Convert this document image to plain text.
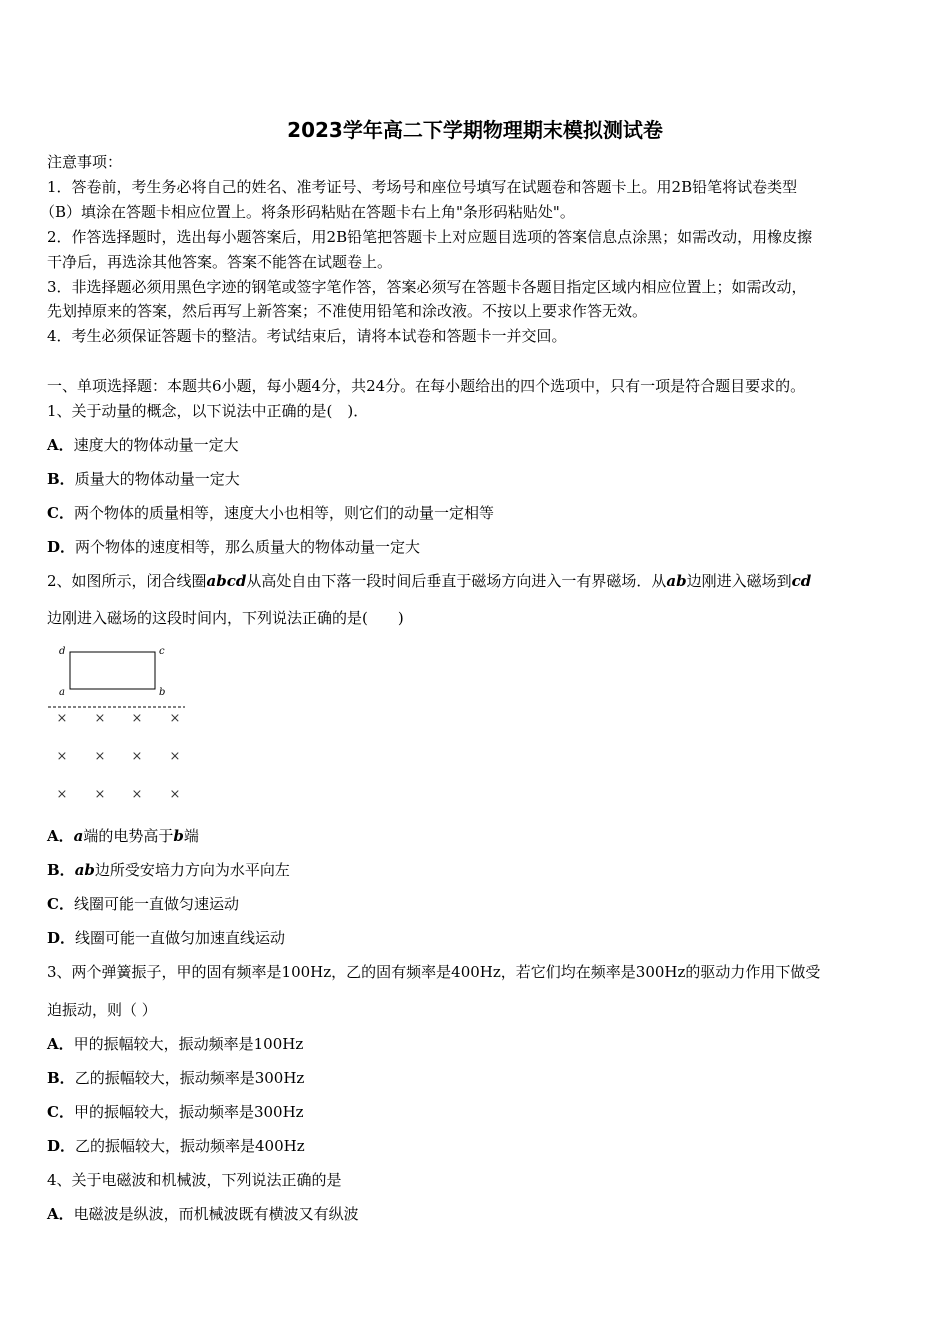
2023学年高二下学期物理期末模拟测试卷
注意事项：
1．答卷前，考生务必将自己的姓名、准考证号、考场号和座位号填写在试题卷和答题卡上。用2B铅笔将试卷类型
（B）填涂在答题卡相应位置上。将条形码粘贴在答题卡右上角"条形码粘贴处"。
2．作答选择题时，选出每小题答案后，用2B铅笔把答题卡上对应题目选项的答案信息点涂黑；如需改动，用橡皮擦
干净后，再选涂其他答案。答案不能答在试题卷上。
3．非选择题必须用黑色字迹的钢笔或签字笔作答，答案必须写在答题卡各题目指定区域内相应位置上；如需改动，
先划掉原来的答案，然后再写上新答案；不准使用铅笔和涂改液。不按以上要求作答无效。
4．考生必须保证答题卡的整洁。考试结束后，请将本试卷和答题卡一并交回。
一、单项选择题：本题共6小题，每小题4分，共24分。在每小题给出的四个选项中，只有一项是符合题目要求的。
1、关于动量的概念，以下说法中正确的是(　)．
A．速度大的物体动量一定大
B．质量大的物体动量一定大
C．两个物体的质量相等，速度大小也相等，则它们的动量一定相等
D．两个物体的速度相等，那么质量大的物体动量一定大
2、如图所示，闭合线圈abcd从高处自由下落一段时间后垂直于磁场方向进入一有界磁场．从ab边刚进入磁场到cd
边刚进入磁场的这段时间内，下列说法正确的是(　　)
d	c
a	b
× × × ×
× × × ×
× × × ×
A．a端的电势高于b端
B．ab边所受安培力方向为水平向左
C．线圈可能一直做匀速运动
D．线圈可能一直做匀加速直线运动
3、两个弹簧振子，甲的固有频率是100Hz，乙的固有频率是400Hz，若它们均在频率是300Hz的驱动力作用下做受
迫振动，则（ ）
A．甲的振幅较大，振动频率是100Hz
B．乙的振幅较大，振动频率是300Hz
C．甲的振幅较大，振动频率是300Hz
D．乙的振幅较大，振动频率是400Hz
4、关于电磁波和机械波，下列说法正确的是
A．电磁波是纵波，而机械波既有横波又有纵波
